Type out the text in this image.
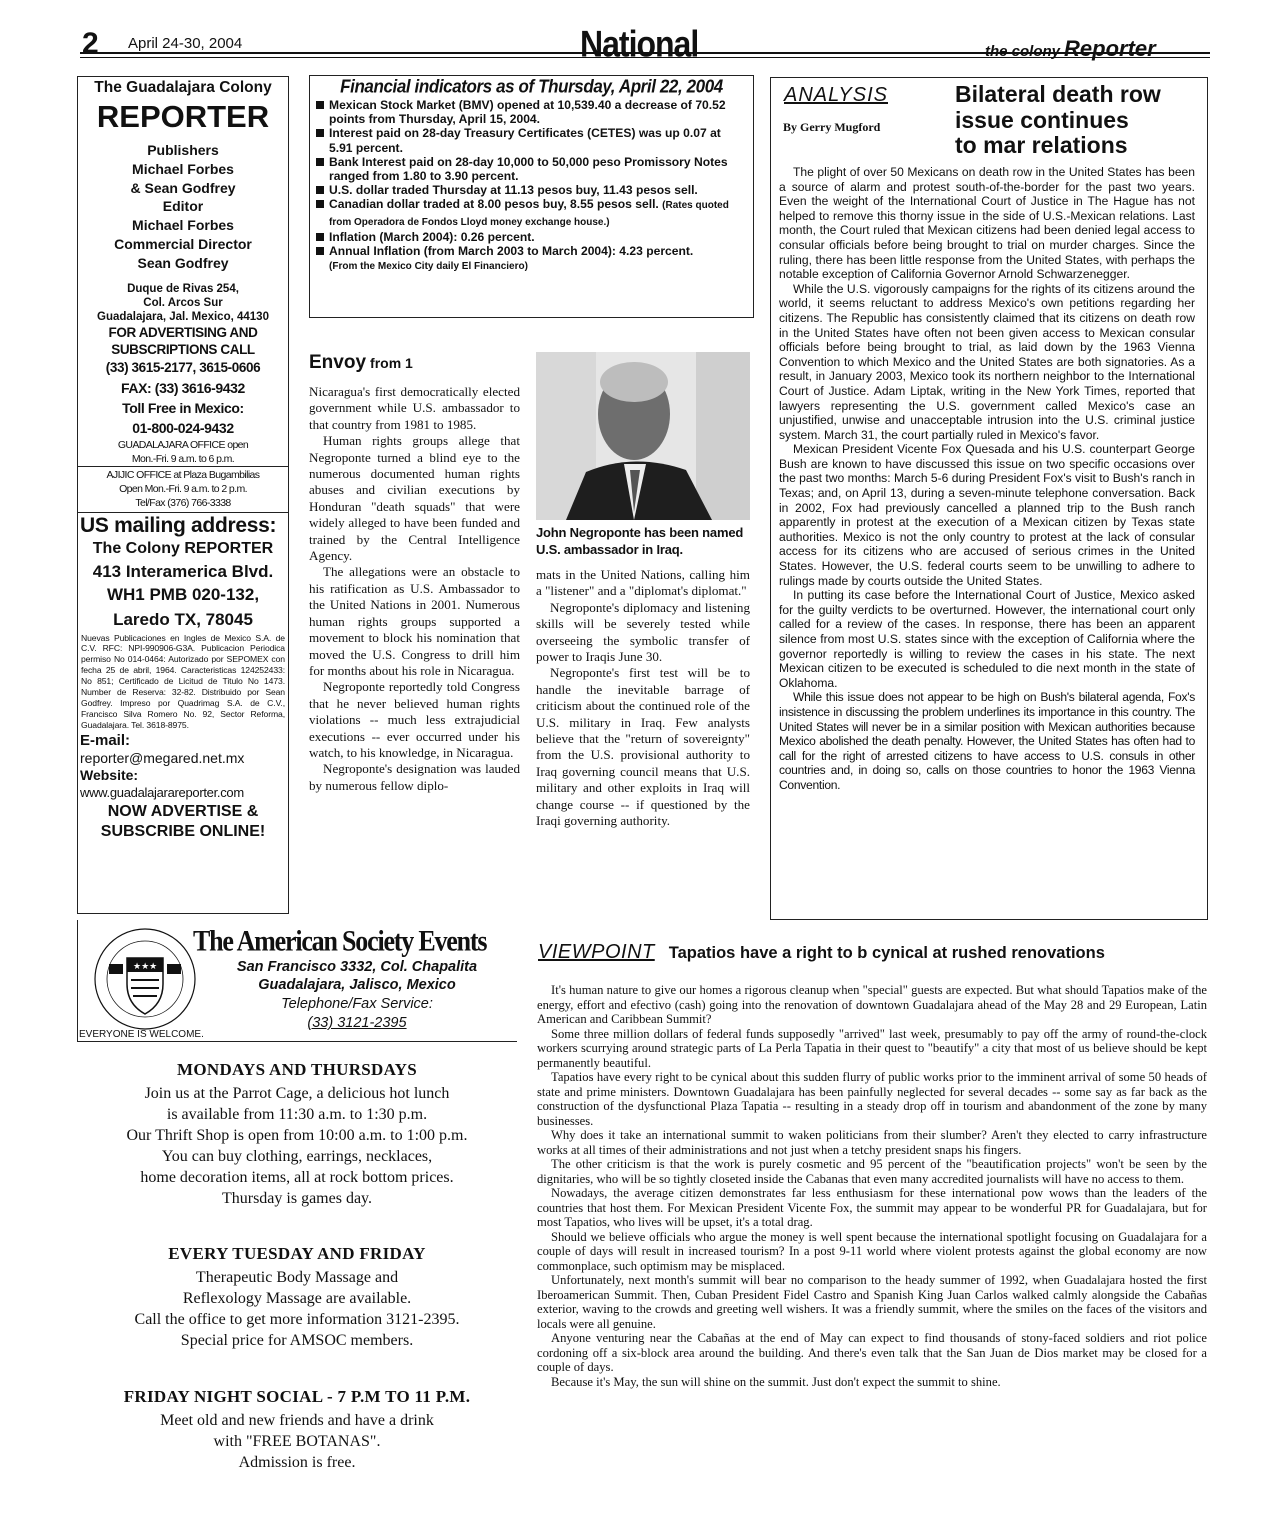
2 April 24-30, 2004	National	the colony Reporter
The Guadalajara Colony
REPORTER
Publishers
Michael Forbes
& Sean Godfrey
Editor
Michael Forbes
Commercial Director
Sean Godfrey
Duque de Rivas 254,
Col. Arcos Sur
Guadalajara, Jal. Mexico, 44130
FOR ADVERTISING AND
SUBSCRIPTIONS CALL
(33) 3615-2177, 3615-0606
FAX: (33) 3616-9432
Toll Free in Mexico:
01-800-024-9432
GUADALAJARA OFFICE open
Mon.-Fri. 9 a.m. to 6 p.m.
AJIJIC OFFICE at Plaza Bugambilias
Open Mon.-Fri. 9 a.m. to 2 p.m.
Tel/Fax (376) 766-3338
US mailing address:
The Colony REPORTER
413 Interamerica Blvd.
WH1 PMB 020-132,
Laredo TX, 78045
Nuevas Publicaciones en Ingles de Mexico S.A. de C.V. RFC: NPI-990906-G3A. Publicacion Periodica permiso No 014-0464: Autorizado por SEPOMEX con fecha 25 de abril, 1964. Caracteristicas 124252433: No 851; Certificado de Licitud de Titulo No 1473. Number de Reserva: 32-82. Distribuido por Sean Godfrey. Impreso por Quadrimag S.A. de C.V., Francisco Silva Romero No. 92, Sector Reforma, Guadalajara. Tel. 3618-8975.
E-mail:
reporter@megared.net.mx
Website:
www.guadalajarareporter.com
NOW ADVERTISE &
SUBSCRIBE ONLINE!
Financial indicators as of Thursday, April 22, 2004
Mexican Stock Market (BMV) opened at 10,539.40 a decrease of 70.52 points from Thursday, April 15, 2004.
Interest paid on 28-day Treasury Certificates (CETES) was up 0.07 at 5.91 percent.
Bank Interest paid on 28-day 10,000 to 50,000 peso Promissory Notes ranged from 1.80 to 3.90 percent.
U.S. dollar traded Thursday at 11.13 pesos buy, 11.43 pesos sell.
Canadian dollar traded at 8.00 pesos buy, 8.55 pesos sell. (Rates quoted from Operadora de Fondos Lloyd money exchange house.)
Inflation (March 2004): 0.26 percent.
Annual Inflation (from March 2003 to March 2004): 4.23 percent.
(From the Mexico City daily El Financiero)
Envoy from 1

Nicaragua's first democratically elected government while U.S. ambassador to that country from 1981 to 1985.

Human rights groups allege that Negroponte turned a blind eye to the numerous documented human rights abuses and civilian executions by Honduran "death squads" that were widely alleged to have been funded and trained by the Central Intelligence Agency.

The allegations were an obstacle to his ratification as U.S. Ambassador to the United Nations in 2001. Numerous human rights groups supported a movement to block his nomination that moved the U.S. Congress to drill him for months about his role in Nicaragua.

Negroponte reportedly told Congress that he never believed human rights violations -- much less extrajudicial executions -- ever occurred under his watch, to his knowledge, in Nicaragua.

Negroponte's designation was lauded by numerous fellow diplo-

John Negroponte has been named U.S. ambassador in Iraq.

mats in the United Nations, calling him a "listener" and a "diplomat's diplomat."

Negroponte's diplomacy and listening skills will be severely tested while overseeing the symbolic transfer of power to Iraqis June 30.

Negroponte's first test will be to handle the inevitable barrage of criticism about the continued role of the U.S. military in Iraq. Few analysts believe that the "return of sovereignty" from the U.S. provisional authority to Iraq governing council means that U.S. military and other exploits in Iraq will change course -- if questioned by the Iraqi governing authority.

ANALYSIS
By Gerry Mugford
Bilateral death row
issue continues
to mar relations

The plight of over 50 Mexicans on death row in the United States has been a source of alarm and protest south-of-the-border for the past two years. Even the weight of the International Court of Justice in The Hague has not helped to remove this thorny issue in the side of U.S.-Mexican relations. Last month, the Court ruled that Mexican citizens had been denied legal access to consular officials before being brought to trial on murder charges. Since the ruling, there has been little response from the United States, with perhaps the notable exception of California Governor Arnold Schwarzenegger.

While the U.S. vigorously campaigns for the rights of its citizens around the world, it seems reluctant to address Mexico's own petitions regarding her citizens. The Republic has consistently claimed that its citizens on death row in the United States have often not been given access to Mexican consular officials before being brought to trial, as laid down by the 1963 Vienna Convention to which Mexico and the United States are both signatories. As a result, in January 2003, Mexico took its northern neighbor to the International Court of Justice. Adam Liptak, writing in the New York Times, reported that lawyers representing the U.S. government called Mexico's case an unjustified, unwise and unacceptable intrusion into the U.S. criminal justice system. March 31, the court partially ruled in Mexico's favor.

Mexican President Vicente Fox Quesada and his U.S. counterpart George Bush are known to have discussed this issue on two specific occasions over the past two months: March 5-6 during President Fox's visit to Bush's ranch in Texas; and, on April 13, during a seven-minute telephone conversation. Back in 2002, Fox had previously cancelled a planned trip to the Bush ranch apparently in protest at the execution of a Mexican citizen by Texas state authorities. Mexico is not the only country to protest at the lack of consular access for its citizens who are accused of serious crimes in the United States. However, the U.S. federal courts seem to be unwilling to adhere to rulings made by courts outside the United States.

In putting its case before the International Court of Justice, Mexico asked for the guilty verdicts to be overturned. However, the international court only called for a review of the cases. In response, there has been an apparent silence from most U.S. states since with the exception of California where the governor reportedly is willing to review the cases in his state. The next Mexican citizen to be executed is scheduled to die next month in the state of Oklahoma.

While this issue does not appear to be high on Bush's bilateral agenda, Fox's insistence in discussing the problem underlines its importance in this country. The United States will never be in a similar position with Mexican authorities because Mexico abolished the death penalty. However, the United States has often had to call for the right of arrested citizens to have access to U.S. consuls in other countries and, in doing so, calls on those countries to honor the 1963 Vienna Convention.

★★★
The American Society Events
San Francisco 3332, Col. Chapalita
Guadalajara, Jalisco, Mexico
Telephone/Fax Service:
(33) 3121-2395
EVERYONE IS WELCOME.
MONDAYS AND THURSDAYS
Join us at the Parrot Cage, a delicious hot lunch
is available from 11:30 a.m. to 1:30 p.m.
Our Thrift Shop is open from 10:00 a.m. to 1:00 p.m.
You can buy clothing, earrings, necklaces,
home decoration items, all at rock bottom prices.
Thursday is games day.
EVERY TUESDAY AND FRIDAY
Therapeutic Body Massage and
Reflexology Massage are available.
Call the office to get more information 3121-2395.
Special price for AMSOC members.
FRIDAY NIGHT SOCIAL - 7 P.M TO 11 P.M.
Meet old and new friends and have a drink
with "FREE BOTANAS".
Admission is free.
VIEWPOINT Tapatios have a right to b cynical at rushed renovations

It's human nature to give our homes a rigorous cleanup when "special" guests are expected. But what should Tapatios make of the energy, effort and efectivo (cash) going into the renovation of downtown Guadalajara ahead of the May 28 and 29 European, Latin American and Caribbean Summit?

Some three million dollars of federal funds supposedly "arrived" last week, presumably to pay off the army of round-the-clock workers scurrying around strategic parts of La Perla Tapatia in their quest to "beautify" a city that most of us believe should be kept permanently beautiful.

Tapatios have every right to be cynical about this sudden flurry of public works prior to the imminent arrival of some 50 heads of state and prime ministers. Downtown Guadalajara has been painfully neglected for several decades -- some say as far back as the construction of the dysfunctional Plaza Tapatia -- resulting in a steady drop off in tourism and abandonment of the zone by many businesses.

Why does it take an international summit to waken politicians from their slumber? Aren't they elected to carry infrastructure works at all times of their administrations and not just when a tetchy president snaps his fingers.

The other criticism is that the work is purely cosmetic and 95 percent of the "beautification projects" won't be seen by the dignitaries, who will be so tightly closeted inside the Cabanas that even many accredited journalists will have no access to them.

Nowadays, the average citizen demonstrates far less enthusiasm for these international pow wows than the leaders of the countries that host them. For Mexican President Vicente Fox, the summit may appear to be wonderful PR for Guadalajara, but for most Tapatios, who lives will be upset, it's a total drag.

Should we believe officials who argue the money is well spent because the international spotlight focusing on Guadalajara for a couple of days will result in increased tourism? In a post 9-11 world where violent protests against the global economy are now commonplace, such optimism may be misplaced.

Unfortunately, next month's summit will bear no comparison to the heady summer of 1992, when Guadalajara hosted the first Iberoamerican Summit. Then, Cuban President Fidel Castro and Spanish King Juan Carlos walked calmly alongside the Cabañas exterior, waving to the crowds and greeting well wishers. It was a friendly summit, where the smiles on the faces of the visitors and locals were all genuine.

Anyone venturing near the Cabañas at the end of May can expect to find thousands of stony-faced soldiers and riot police cordoning off a six-block area around the building. And there's even talk that the San Juan de Dios market may be closed for a couple of days.

Because it's May, the sun will shine on the summit. Just don't expect the summit to shine.
